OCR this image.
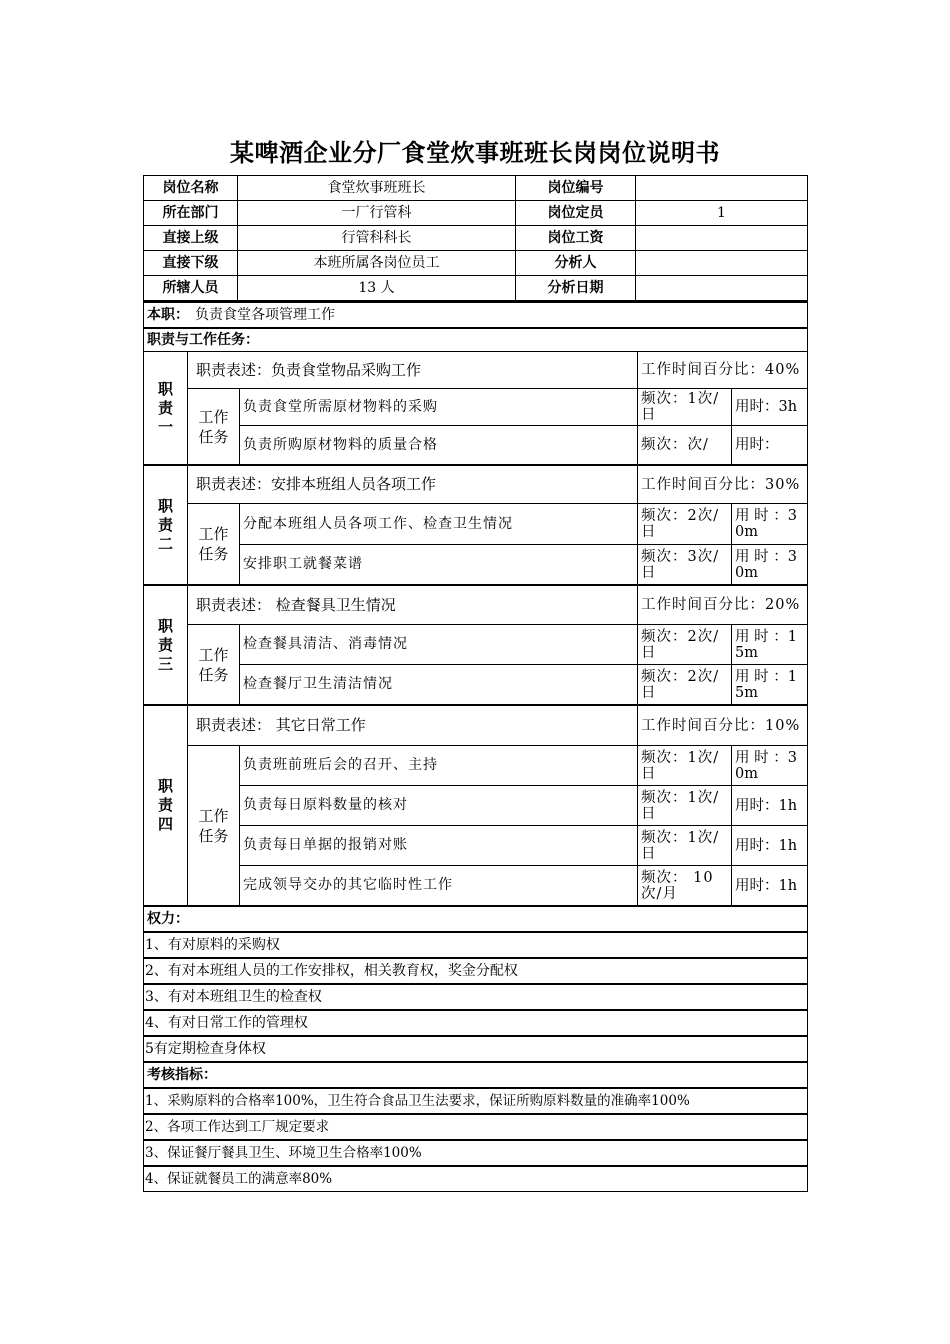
某啤酒企业分厂食堂炊事班班长岗岗位说明书
岗位名称	食堂炊事班班长	岗位编号	
所在部门	一厂行管科	岗位定员	1
直接上级	行管科科长	岗位工资	
直接下级	本班所属各岗位员工	分析人	
所辖人员	13 人	分析日期	
本职： 负责食堂各项管理工作				
职责与工作任务：				
职责一	职责表述：负责食堂物品采购工作		工作时间百分比：40%	
	工作任务	负责食堂所需原材物料的采购	频次：1次/日	用时：3h
		负责所购原材物料的质量合格	频次：次/	用时：
职责二	职责表述：安排本班组人员各项工作		工作时间百分比：30%	
	工作任务	分配本班组人员各项工作、检查卫生情况	频次：2次/日	用 时 ：30m
		安排职工就餐菜谱	频次：3次/日	用 时 ：30m
职责三	职责表述： 检查餐具卫生情况		工作时间百分比：20%	
	工作任务	检查餐具清洁、消毒情况	频次：2次/日	用 时 ：15m
		检查餐厅卫生清洁情况	频次：2次/日	用 时 ：15m
职责四	职责表述： 其它日常工作		工作时间百分比：10%	
	工作任务	负责班前班后会的召开、主持	频次：1次/日	用 时 ：30m
		负责每日原料数量的核对	频次：1次/日	用时：1h
		负责每日单据的报销对账	频次：1次/日	用时：1h
		完成领导交办的其它临时性工作	频次： 10 次/月	用时：1h
权力：				
1、有对原料的采购权				
2、有对本班组人员的工作安排权，相关教育权，奖金分配权				
3、有对本班组卫生的检查权				
4、有对日常工作的管理权				
5有定期检查身体权				
考核指标：				
1、采购原料的合格率100%，卫生符合食品卫生法要求，保证所购原料数量的准确率100%				
2、各项工作达到工厂规定要求				
3、保证餐厅餐具卫生、环境卫生合格率100%				
4、保证就餐员工的满意率80%				
